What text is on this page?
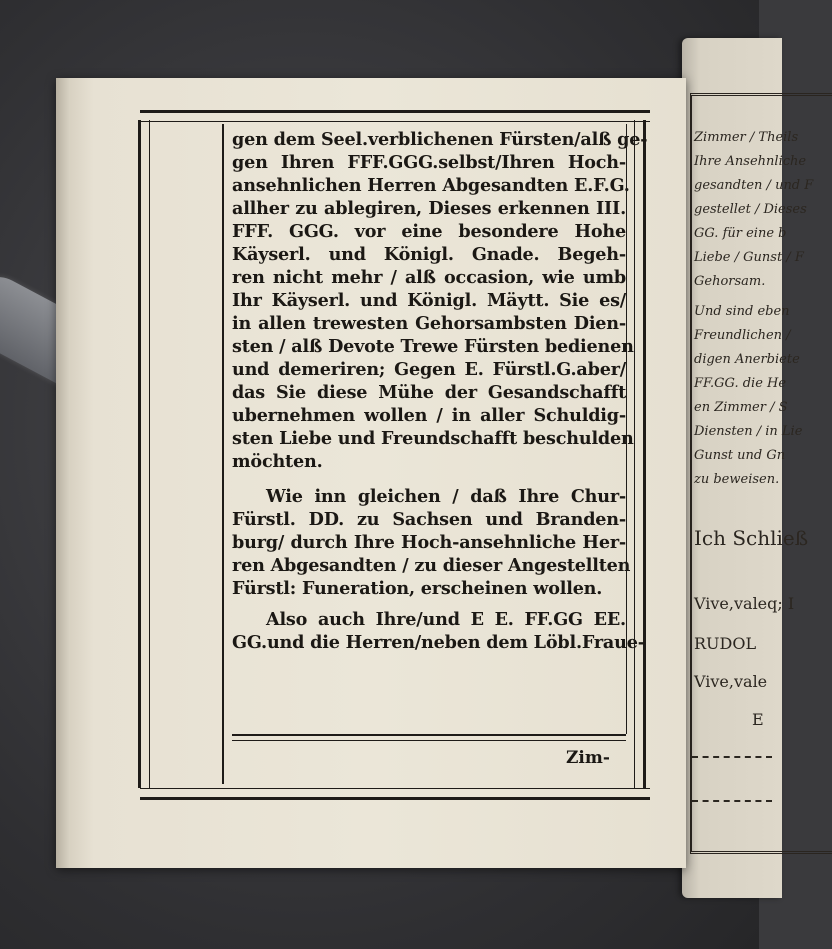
Zimmer / Theils
Ihre Ansehnliche
gesandten / und F
gestellet / Dieses
GG. für eine b
Liebe / Gunst / F
Gehorsam.
Und sind eben
Freundlichen /
digen Anerbiete
FF.GG. die He
en Zimmer / S
Diensten / in Lie
Gunst und Gn
zu beweisen.
Ich Schließ
Vive,valeq; I
RUDOL
Vive,vale
E
gen dem Seel.verblichenen Fürsten/alß ge-
gen Ihren FFF.GGG.selbst/Ihren Hoch-
ansehnlichen Herren Abgesandten E.F.G.
allher zu ablegiren, Dieses erkennen III.
FFF. GGG. vor eine besondere Hohe
Käyserl. und Königl. Gnade. Begeh-
ren nicht mehr / alß occasion, wie umb
Ihr Käyserl. und Königl. Mäytt. Sie es/
in allen trewesten Gehorsambsten Dien-
sten / alß Devote Trewe Fürsten bedienen
und demeriren; Gegen E. Fürstl.G.aber/
das Sie diese Mühe der Gesandschafft
ubernehmen wollen / in aller Schuldig-
sten Liebe und Freundschafft beschulden
möchten.
Wie inn gleichen / daß Ihre Chur-
Fürstl. DD. zu Sachsen und Branden-
burg/ durch Ihre Hoch-ansehnliche Her-
ren Abgesandten / zu dieser Angestellten
Fürstl: Funeration, erscheinen wollen.
Also auch Ihre/und E E. FF.GG EE.
GG.und die Herren/neben dem Löbl.Fraue-
Zim-
